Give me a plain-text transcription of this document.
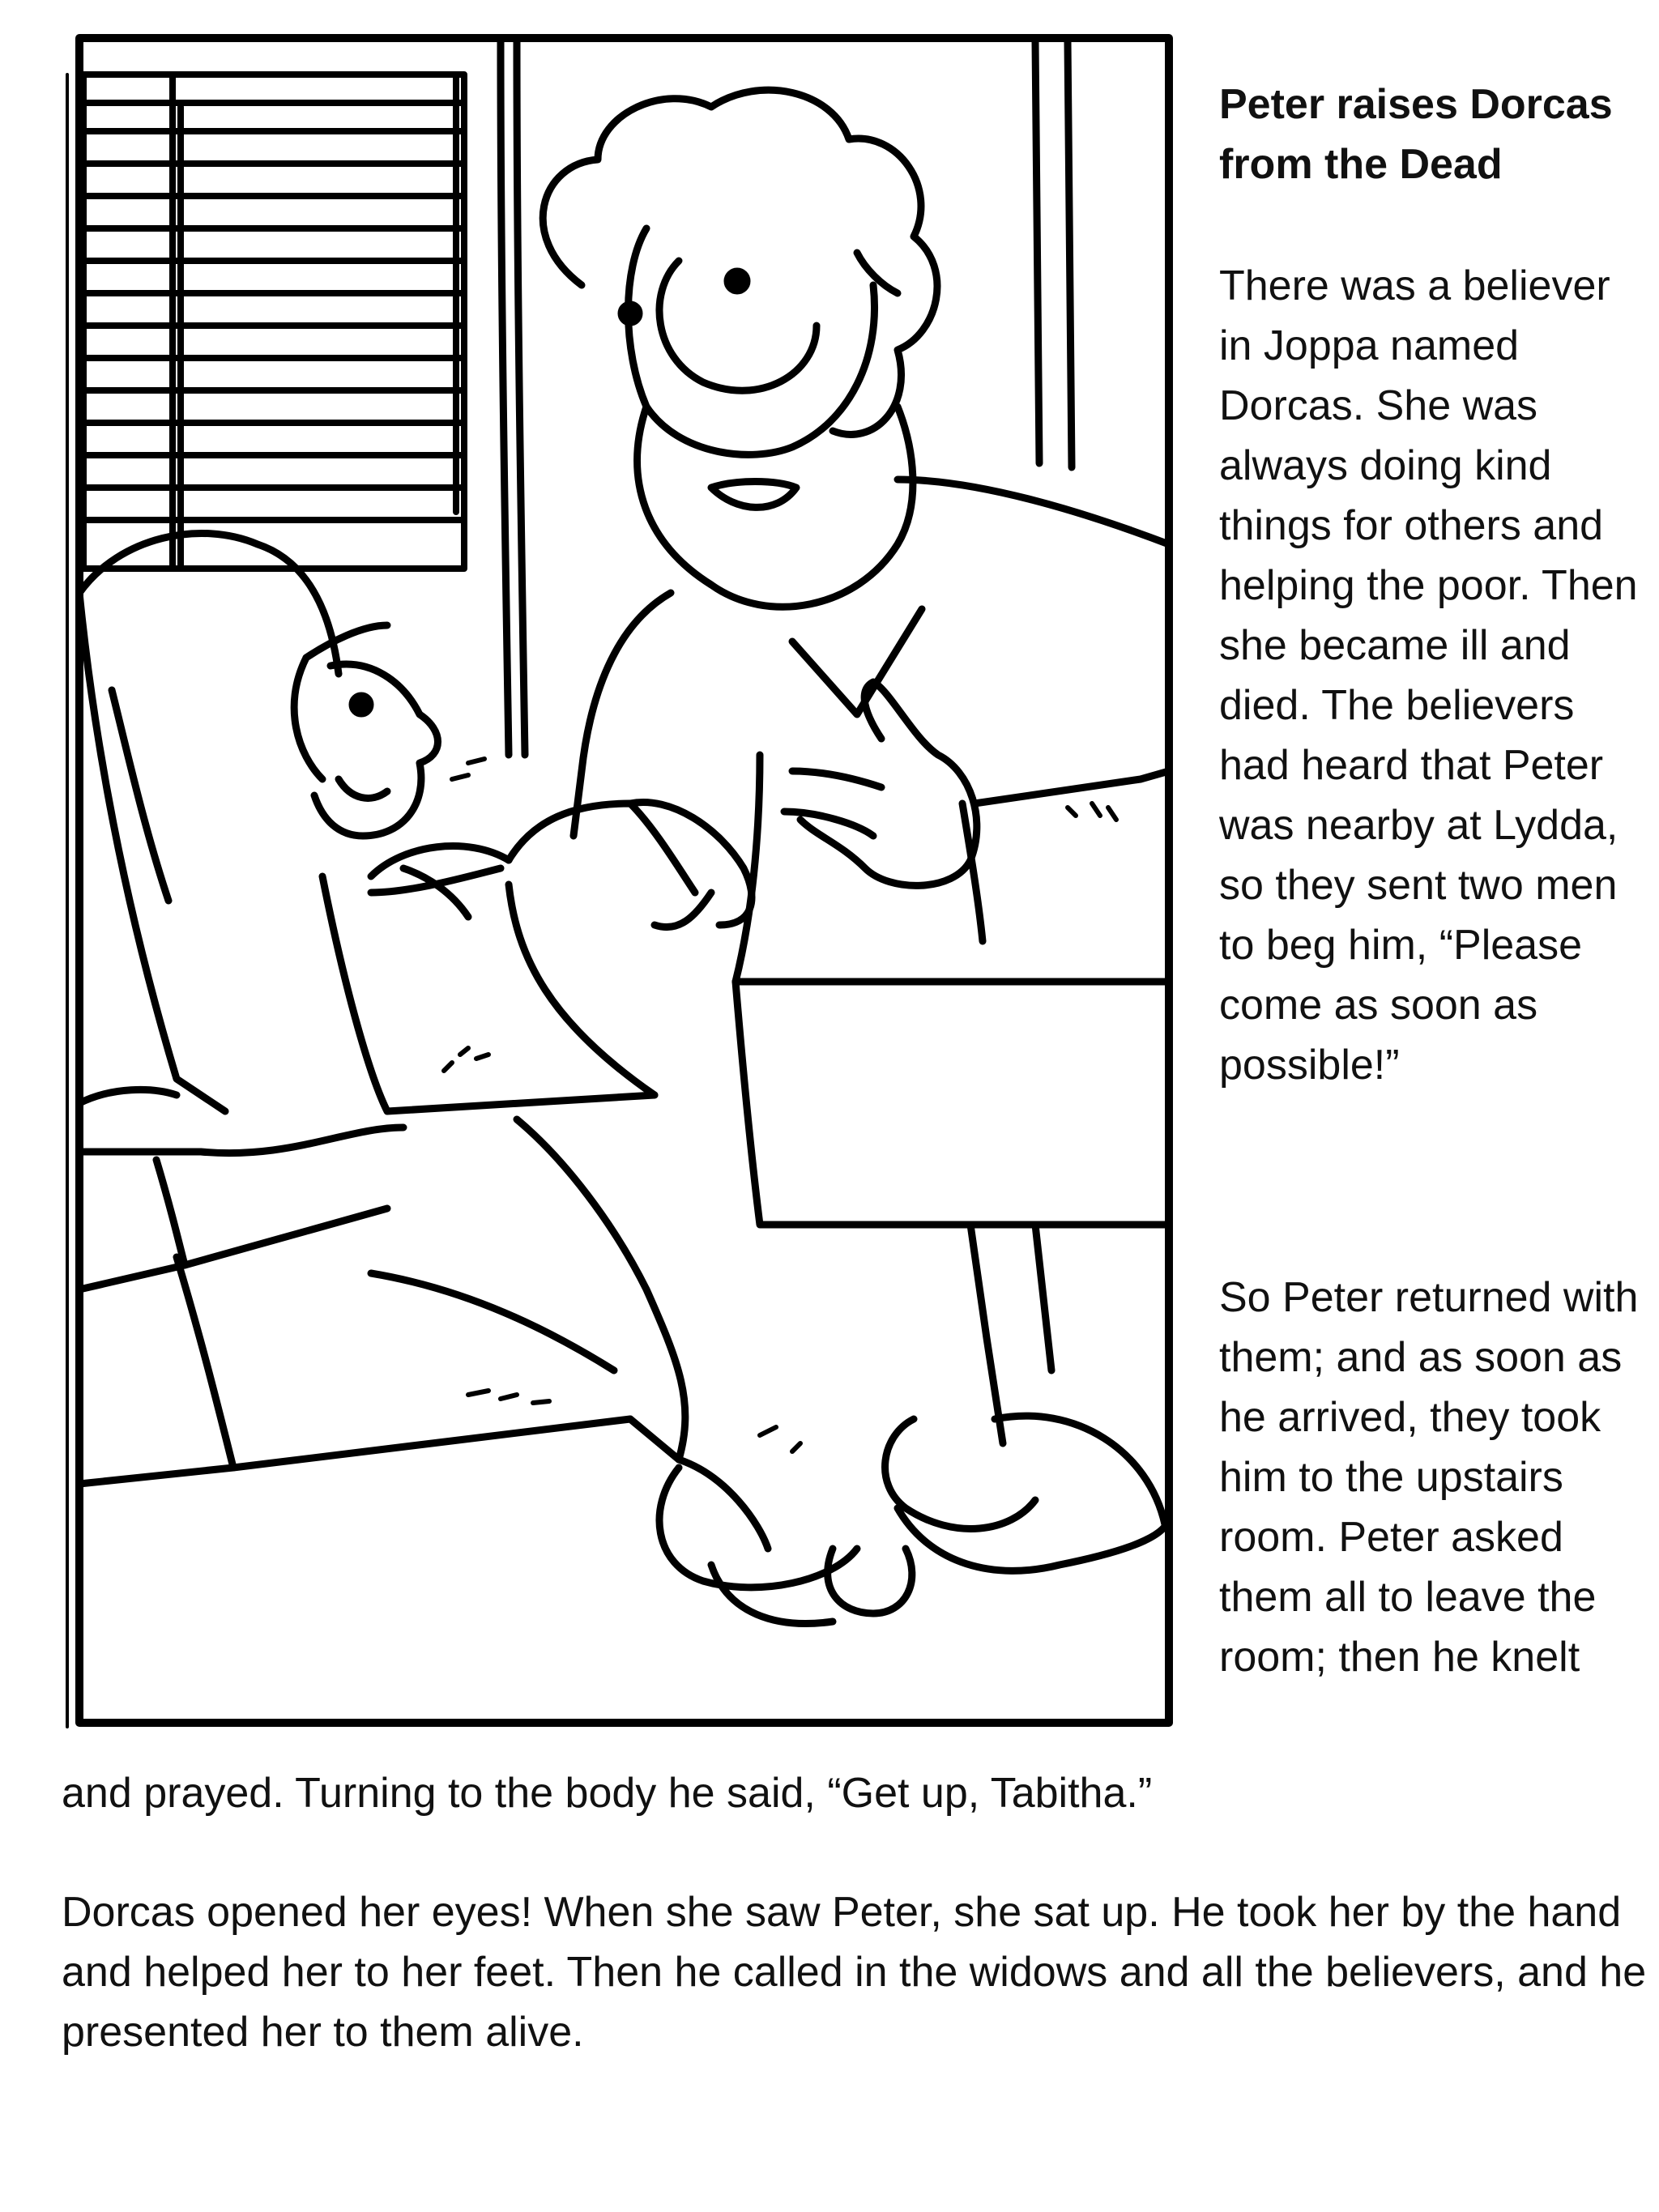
Peter raises Dorcas from the Dead

There was a believer in Joppa named Dorcas. She was always doing kind things for others and helping the poor. Then she became ill and died. The believers had heard that Peter was nearby at Lydda, so they sent two men to beg him, “Please come as soon as possible!”

So Peter returned with them; and as soon as he arrived, they took him to the upstairs room. Peter asked them all to leave the room; then he knelt

and prayed. Turning to the body he said, “Get up, Tabitha.”

Dorcas opened her eyes! When she saw Peter, she sat up. He took her by the hand and helped her to her feet. Then he called in the widows and all the believers, and he presented her to them alive.
